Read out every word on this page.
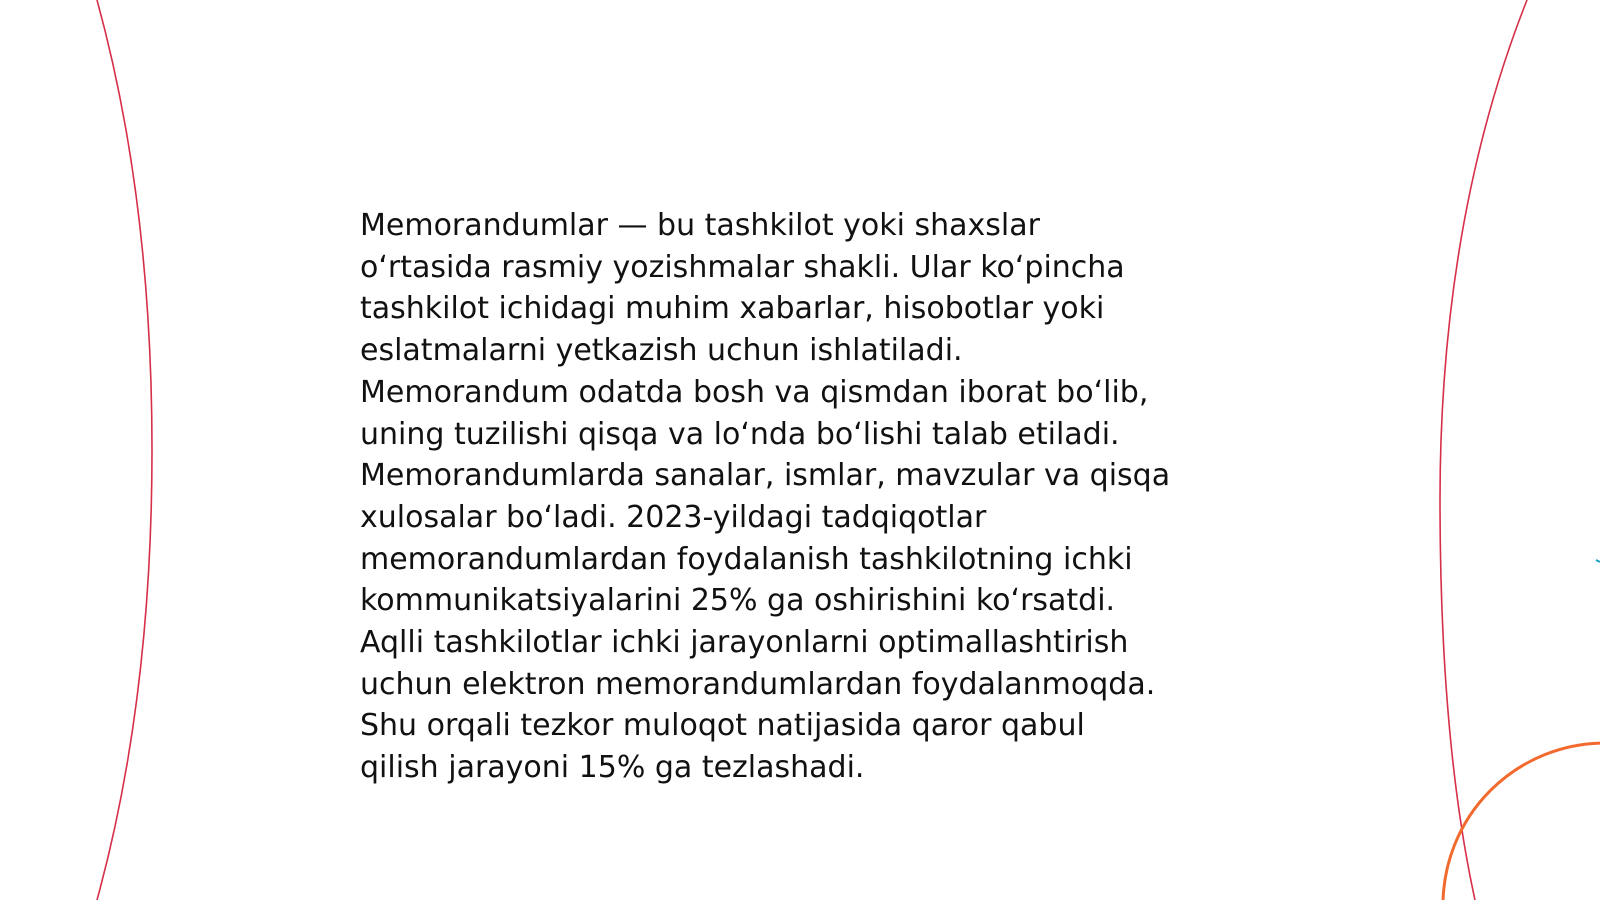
Memorandumlar — bu tashkilot yoki shaxslar
o‘rtasida rasmiy yozishmalar shakli. Ular ko‘pincha
tashkilot ichidagi muhim xabarlar, hisobotlar yoki
eslatmalarni yetkazish uchun ishlatiladi.
Memorandum odatda bosh va qismdan iborat bo‘lib,
uning tuzilishi qisqa va lo‘nda bo‘lishi talab etiladi.
Memorandumlarda sanalar, ismlar, mavzular va qisqa
xulosalar bo‘ladi. 2023-yildagi tadqiqotlar
memorandumlardan foydalanish tashkilotning ichki
kommunikatsiyalarini 25% ga oshirishini ko‘rsatdi.
Aqlli tashkilotlar ichki jarayonlarni optimallashtirish
uchun elektron memorandumlardan foydalanmoqda.
Shu orqali tezkor muloqot natijasida qaror qabul
qilish jarayoni 15% ga tezlashadi.
